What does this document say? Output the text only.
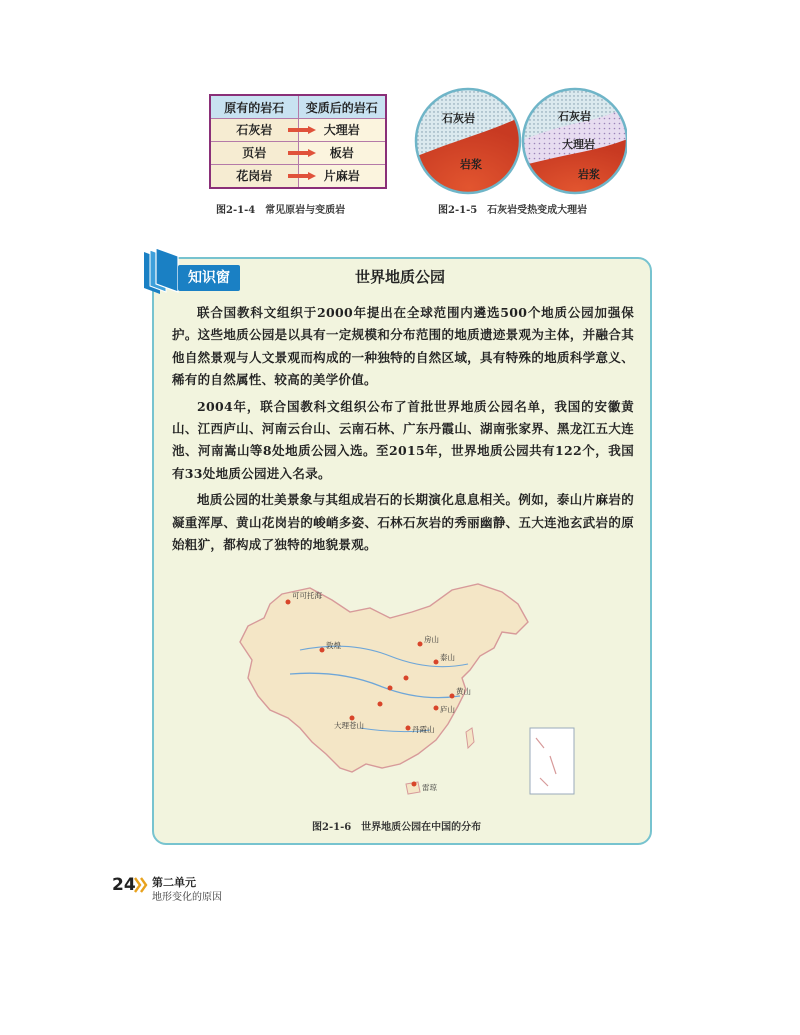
原有的岩石	变质后的岩石
石灰岩	大理岩
页岩	板岩
花岗岩	片麻岩
图2-1-4　常见原岩与变质岩
石灰岩
岩浆
石灰岩
大理岩
岩浆
图2-1-5　石灰岩受热变成大理岩
知识窗	世界地质公园

联合国教科文组织于2000年提出在全球范围内遴选500个地质公园加强保护。这些地质公园是以具有一定规模和分布范围的地质遗迹景观为主体，并融合其他自然景观与人文景观而构成的一种独特的自然区域，具有特殊的地质科学意义、稀有的自然属性、较高的美学价值。

2004年，联合国教科文组织公布了首批世界地质公园名单，我国的安徽黄山、江西庐山、河南云台山、云南石林、广东丹霞山、湖南张家界、黑龙江五大连池、河南嵩山等8处地质公园入选。至2015年，世界地质公园共有122个，我国有33处地质公园进入名录。

地质公园的壮美景象与其组成岩石的长期演化息息相关。例如，泰山片麻岩的凝重浑厚、黄山花岗岩的峻峭多姿、石林石灰岩的秀丽幽静、五大连池玄武岩的原始粗犷，都构成了独特的地貌景观。

可可托海
敦煌
房山
泰山
黄山
庐山
丹霞山
大理苍山
雷琼
图2-1-6　世界地质公园在中国的分布
24 第二单元
地形变化的原因
